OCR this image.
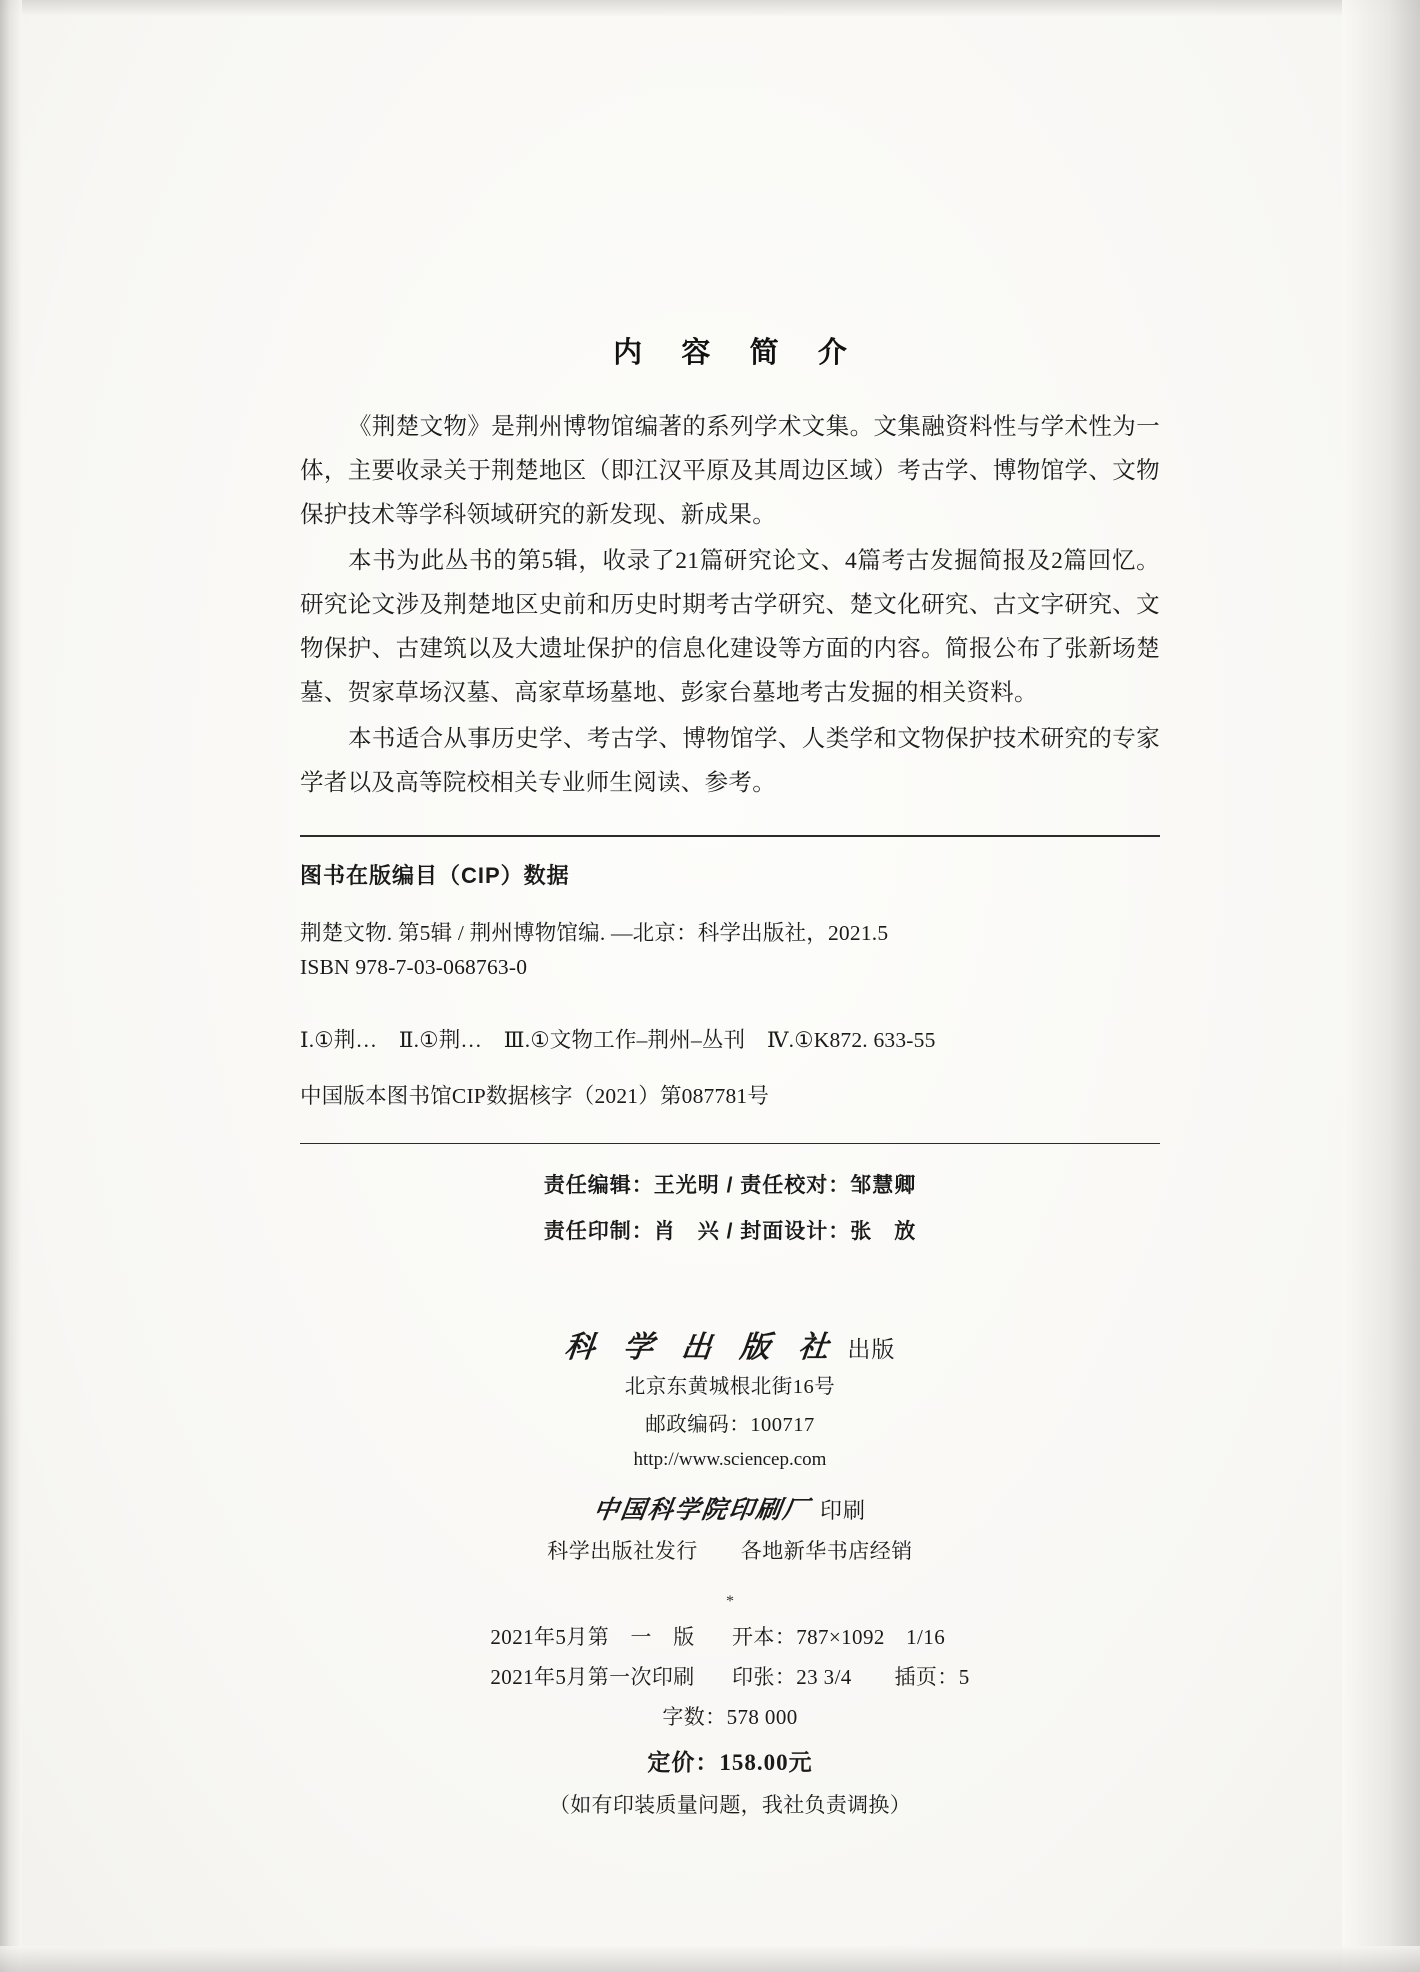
内 容 简 介

《荆楚文物》是荆州博物馆编著的系列学术文集。文集融资料性与学术性为一体，主要收录关于荆楚地区（即江汉平原及其周边区域）考古学、博物馆学、文物保护技术等学科领域研究的新发现、新成果。

本书为此丛书的第5辑，收录了21篇研究论文、4篇考古发掘简报及2篇回忆。研究论文涉及荆楚地区史前和历史时期考古学研究、楚文化研究、古文字研究、文物保护、古建筑以及大遗址保护的信息化建设等方面的内容。简报公布了张新场楚墓、贺家草场汉墓、高家草场墓地、彭家台墓地考古发掘的相关资料。

本书适合从事历史学、考古学、博物馆学、人类学和文物保护技术研究的专家学者以及高等院校相关专业师生阅读、参考。

图书在版编目（CIP）数据

荆楚文物. 第5辑 / 荆州博物馆编. —北京：科学出版社，2021.5

ISBN 978-7-03-068763-0

Ⅰ.①荆…　Ⅱ.①荆…　Ⅲ.①文物工作–荆州–丛刊　Ⅳ.①K872. 633-55

中国版本图书馆CIP数据核字（2021）第087781号

责任编辑：王光明 / 责任校对：邹慧卿

责任印制：肖　兴 / 封面设计：张　放

科 学 出 版 社 出版

北京东黄城根北街16号

邮政编码：100717

http://www.sciencep.com

中国科学院印刷厂 印刷

科学出版社发行　　各地新华书店经销

*

2021年5月第　一　版 开本：787×1092　1/16
2021年5月第一次印刷 印张：23 3/4　　插页：5
字数：578 000
定价：158.00元
（如有印装质量问题，我社负责调换）
